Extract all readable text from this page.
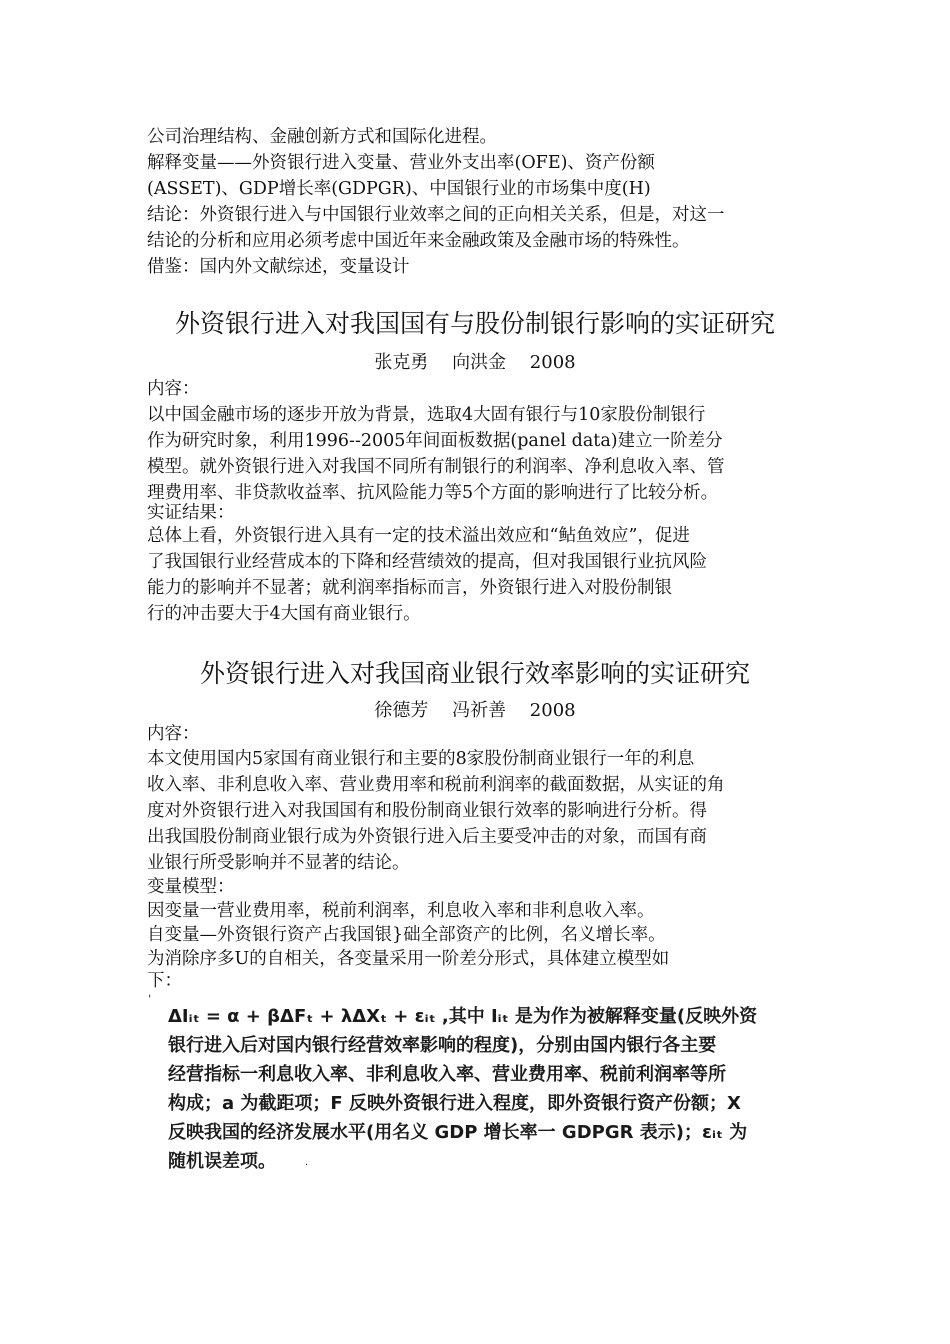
公司治理结构、金融创新方式和国际化进程。
解释变量——外资银行进入变量、营业外支出率(OFE)、资产份额
(ASSET)、GDP增长率(GDPGR)、中国银行业的市场集中度(H)
结论：外资银行进入与中国银行业效率之间的正向相关关系，但是，对这一
结论的分析和应用必须考虑中国近年来金融政策及金融市场的特殊性。
借鉴：国内外文献综述，变量设计
外资银行进入对我国国有与股份制银行影响的实证研究
张克勇 向洪金 2008
内容：
以中国金融市场的逐步开放为背景，选取4大固有银行与10家股份制银行
作为研究时象，利用1996--2005年间面板数据(panel data)建立一阶差分
模型。就外资银行进入对我国不同所有制银行的利润率、净利息收入率、管
理费用率、非贷款收益率、抗风险能力等5个方面的影响进行了比较分析。
实证结果：
总体上看，外资银行进入具有一定的技术溢出效应和“鲇鱼效应”，促进
了我国银行业经营成本的下降和经营绩效的提高，但对我国银行业抗风险
能力的影响并不显著；就利润率指标而言，外资银行进入对股份制银
行的冲击要大于4大国有商业银行。
外资银行进入对我国商业银行效率影响的实证研究
徐德芳 冯祈善 2008
内容：
本文使用国内5家国有商业银行和主要的8家股份制商业银行一年的利息
收入率、非利息收入率、营业费用率和税前利润率的截面数据，从实证的角
度对外资银行进入对我国国有和股份制商业银行效率的影响进行分析。得
出我国股份制商业银行成为外资银行进入后主要受冲击的对象，而国有商
业银行所受影响并不显著的结论。
变量模型：
因变量一营业费用率，税前利润率，利息收入率和非利息收入率。
自变量—外资银行资产占我国银}础全部资产的比例，名义增长率。
为消除序多U的自相关，各变量采用一阶差分形式，具体建立模型如
下：
ΔIᵢₜ = α + βΔFₜ + λΔXₜ + εᵢₜ ,其中 Iᵢₜ 是为作为被解释变量(反映外资
银行进入后对国内银行经营效率影响的程度)，分别由国内银行各主要
经营指标一利息收入率、非利息收入率、营业费用率、税前利润率等所
构成；a 为截距项；F 反映外资银行进入程度，即外资银行资产份额；X
反映我国的经济发展水平(用名义 GDP 增长率一 GDPGR 表示)；εᵢₜ 为
随机误差项。
ˈ
·
